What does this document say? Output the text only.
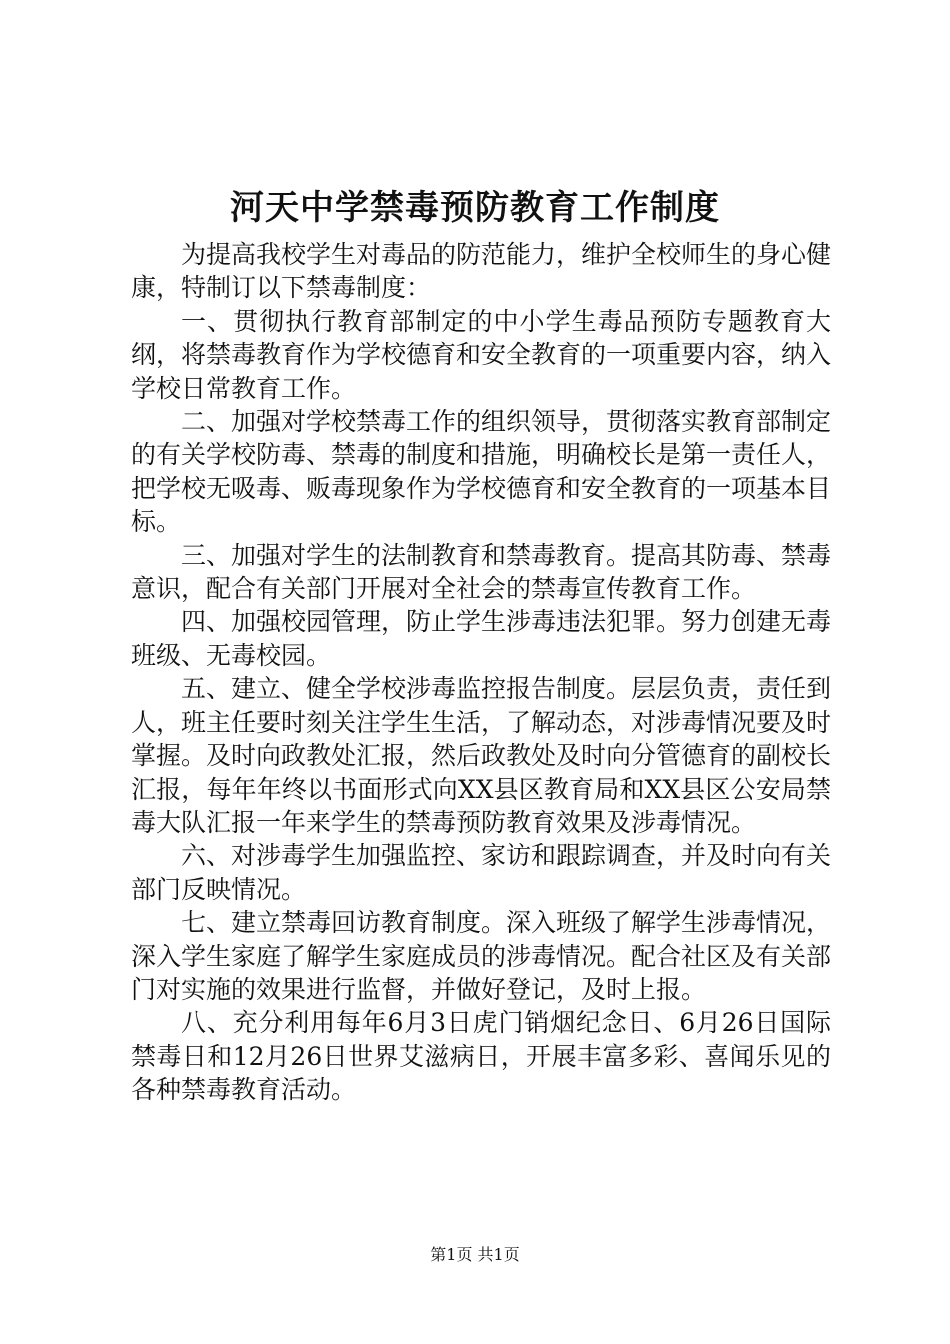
河天中学禁毒预防教育工作制度

为提高我校学生对毒品的防范能力，维护全校师生的身心健康，特制订以下禁毒制度：

一、贯彻执行教育部制定的中小学生毒品预防专题教育大纲，将禁毒教育作为学校德育和安全教育的一项重要内容，纳入学校日常教育工作。

二、加强对学校禁毒工作的组织领导，贯彻落实教育部制定的有关学校防毒、禁毒的制度和措施，明确校长是第一责任人，把学校无吸毒、贩毒现象作为学校德育和安全教育的一项基本目标。

三、加强对学生的法制教育和禁毒教育。提高其防毒、禁毒意识，配合有关部门开展对全社会的禁毒宣传教育工作。

四、加强校园管理，防止学生涉毒违法犯罪。努力创建无毒班级、无毒校园。

五、建立、健全学校涉毒监控报告制度。层层负责，责任到人，班主任要时刻关注学生生活，了解动态，对涉毒情况要及时掌握。及时向政教处汇报，然后政教处及时向分管德育的副校长汇报，每年年终以书面形式向XX县区教育局和XX县区公安局禁毒大队汇报一年来学生的禁毒预防教育效果及涉毒情况。

六、对涉毒学生加强监控、家访和跟踪调查，并及时向有关部门反映情况。

七、建立禁毒回访教育制度。深入班级了解学生涉毒情况，深入学生家庭了解学生家庭成员的涉毒情况。配合社区及有关部门对实施的效果进行监督，并做好登记，及时上报。

八、充分利用每年6月3日虎门销烟纪念日、6月26日国际禁毒日和12月26日世界艾滋病日，开展丰富多彩、喜闻乐见的各种禁毒教育活动。

第1页 共1页
